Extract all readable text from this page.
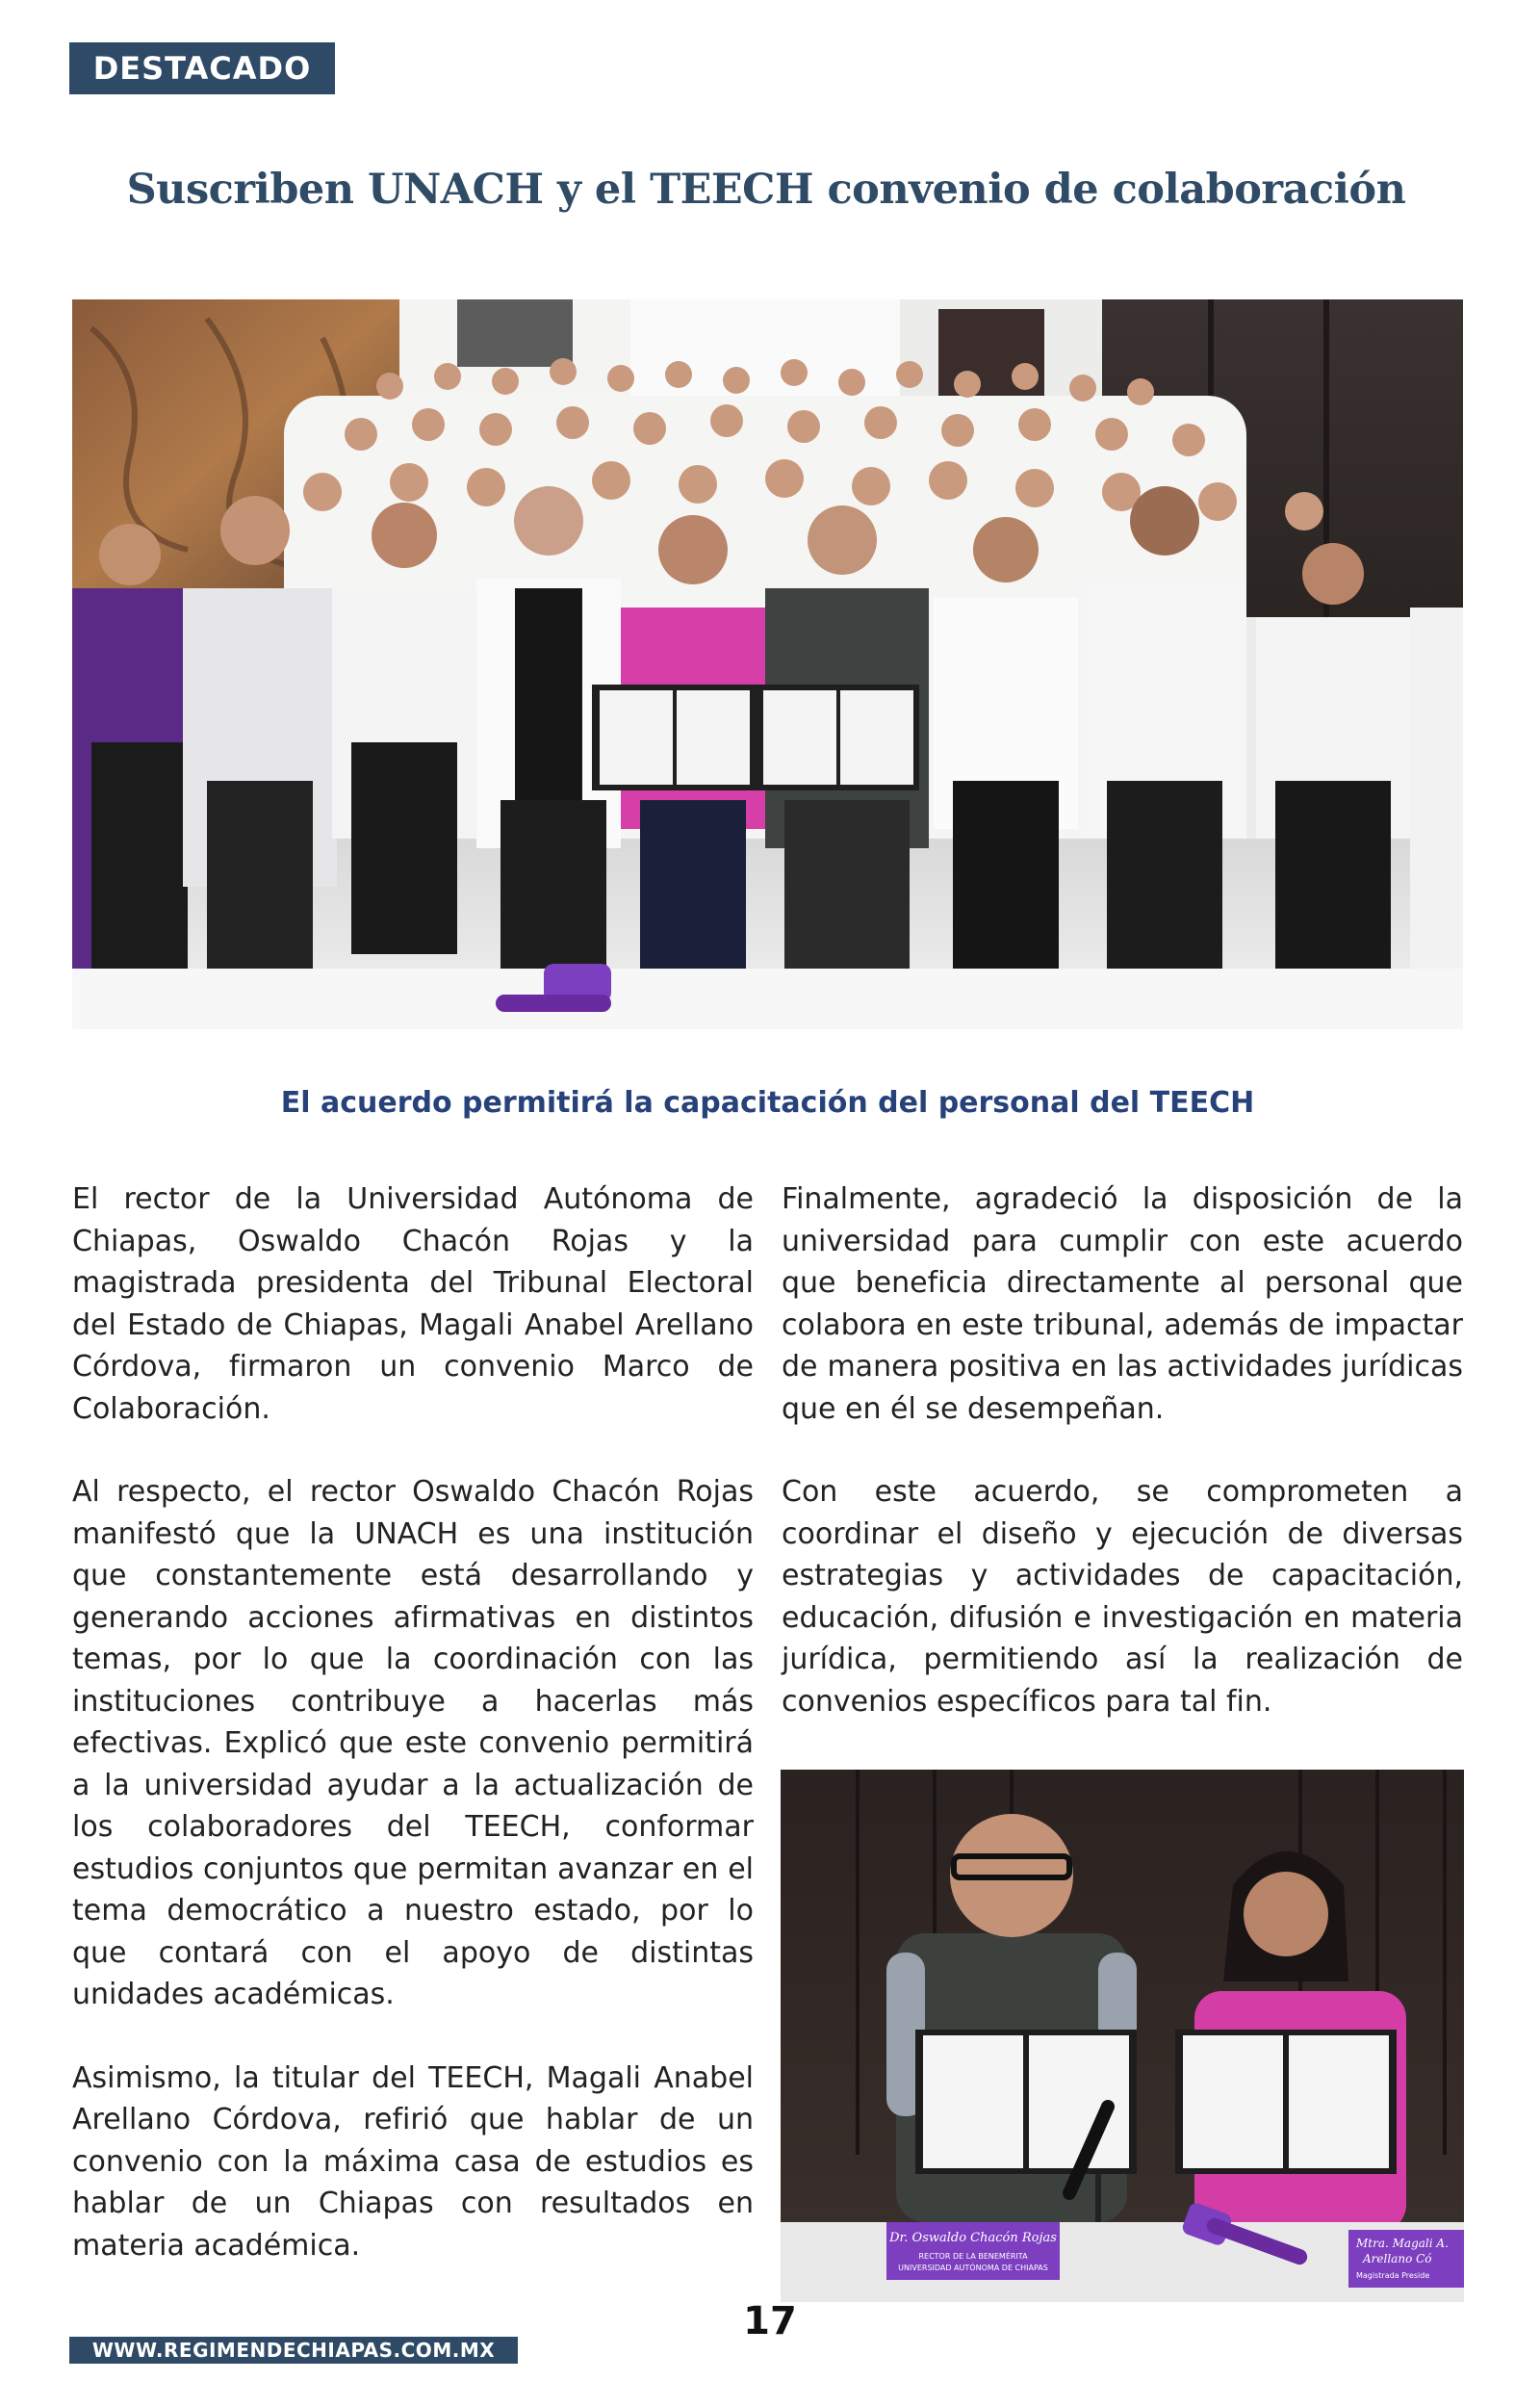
DESTACADO
Suscriben UNACH y el TEECH convenio de colaboración
El acuerdo permitirá la capacitación del personal del TEECH

El rector de la Universidad Autónoma de Chiapas, Oswaldo Chacón Rojas y la magistrada presidenta del Tribunal Electoral del Estado de Chiapas, Magali Anabel Arellano Córdova, firmaron un convenio Marco de Colaboración.

Al respecto, el rector Oswaldo Chacón Rojas manifestó que la UNACH es una institución que constantemente está desarrollando y generando acciones afirmativas en distintos temas, por lo que la coordinación con las instituciones contribuye a hacerlas más efectivas. Explicó que este convenio permitirá a la universidad ayudar a la actualización de los colaboradores del TEECH, conformar estudios conjuntos que permitan avanzar en el tema democrático a nuestro estado, por lo que contará con el apoyo de distintas unidades académicas.

Asimismo, la titular del TEECH, Magali Anabel Arellano Córdova, refirió que hablar de un convenio con la máxima casa de estudios es hablar de un Chiapas con resultados en materia académica.

Finalmente, agradeció la disposición de la universidad para cumplir con este acuerdo que beneficia directamente al personal que colabora en este tribunal, además de impactar de manera positiva en las actividades jurídicas que en él se desempeñan.

Con este acuerdo, se comprometen a coordinar el diseño y ejecución de diversas estrategias y actividades de capacitación, educación, difusión e investigación en materia jurídica, permitiendo así la realización de convenios específicos para tal fin.

Dr. Oswaldo Chacón Rojas
RECTOR DE LA BENEMÉRITA
UNIVERSIDAD AUTÓNOMA DE CHIAPAS
Mtra. Magali A.
Arellano Có
Magistrada Preside
WWW.REGIMENDECHIAPAS.COM.MX
17
